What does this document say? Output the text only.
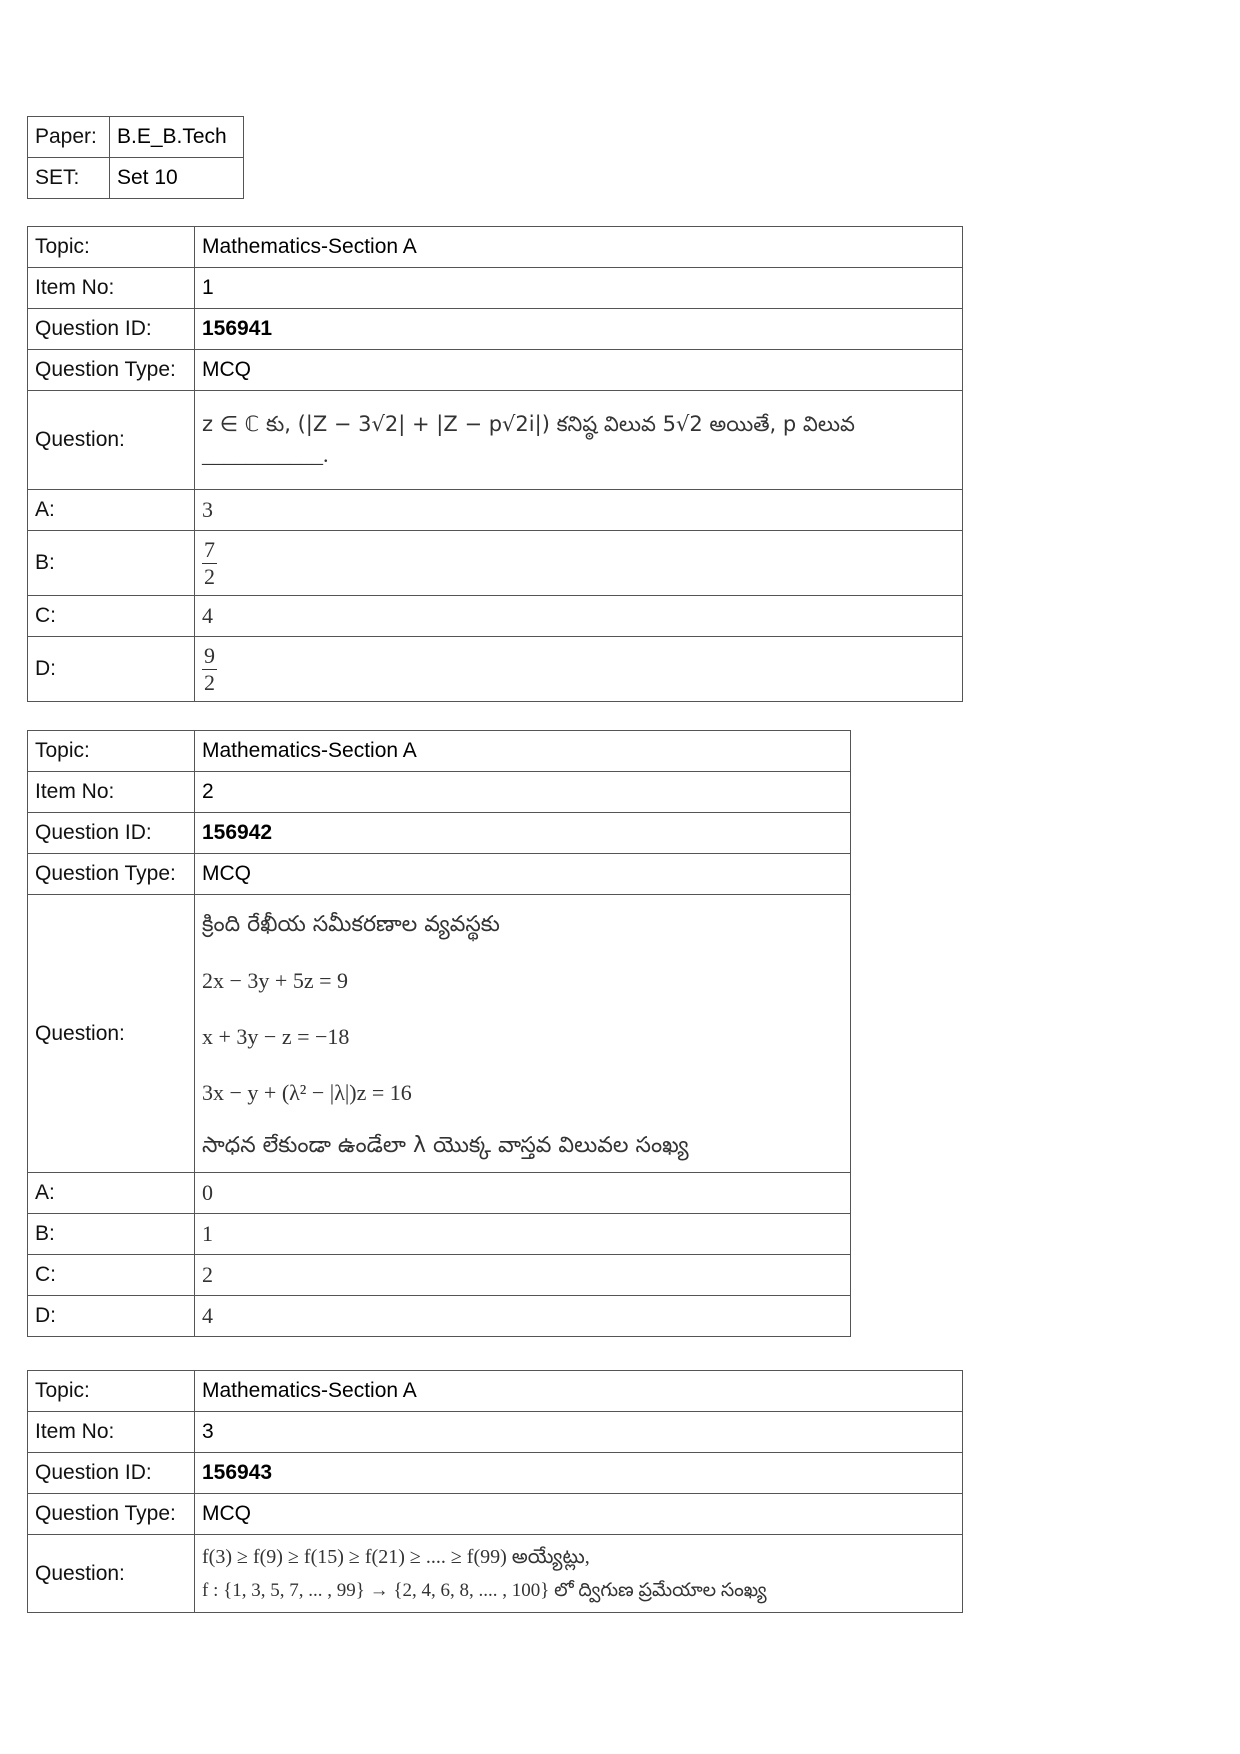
Paper:	B.E_B.Tech
SET:	Set 10
Topic:	Mathematics-Section A
Item No:	1
Question ID:	156941
Question Type:	MCQ
Question:	z ∈ ℂ కు, (|Z − 3√2| + |Z − p√2i|) కనిష్ఠ విలువ 5√2 అయితే, p విలువ
___________.

A:	3
B:	$\frac{7}{2}$

C:	4
D:	$\frac{9}{2}$
Topic:	Mathematics-Section A
Item No:	2
Question ID:	156942
Question Type:	MCQ
Question:	క్రింది రేఖీయ సమీకరణాల వ్యవస్థకు
2x − 3y + 5z = 9
x + 3y − z = −18
3x − y + (λ² − |λ|)z = 16
సాధన లేకుండా ఉండేలా λ యొక్క వాస్తవ విలువల సంఖ్య

A:	0
B:	1
C:	2
D:	4
Topic:	Mathematics-Section A
Item No:	3
Question ID:	156943
Question Type:	MCQ
Question:	f(3) ≥ f(9) ≥ f(15) ≥ f(21) ≥ .... ≥ f(99) అయ్యేట్లు,
f : {1, 3, 5, 7, ... , 99} → {2, 4, 6, 8, .... , 100} లో ద్విగుణ ప్రమేయాల సంఖ్య
